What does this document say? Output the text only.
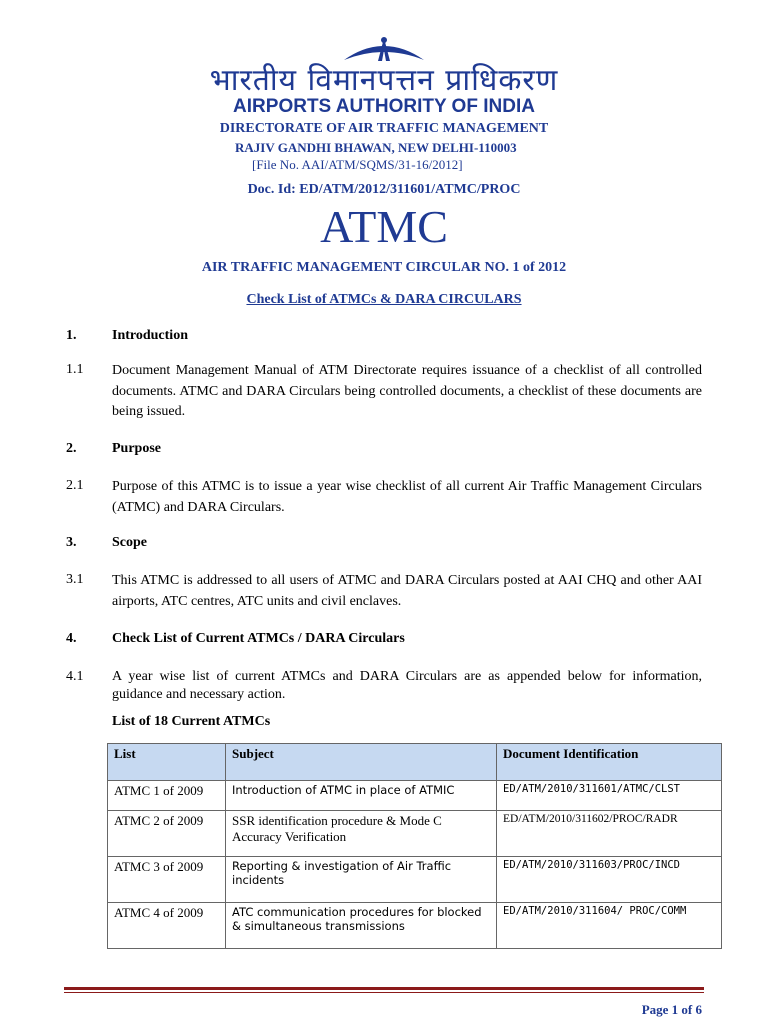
भारतीय विमानपत्तन प्राधिकरण
AIRPORTS AUTHORITY OF INDIA
DIRECTORATE OF AIR TRAFFIC MANAGEMENT
RAJIV GANDHI BHAWAN, NEW DELHI-110003
[File No. AAI/ATM/SQMS/31-16/2012]
Doc. Id: ED/ATM/2012/311601/ATMC/PROC
ATMC
AIR TRAFFIC MANAGEMENT CIRCULAR NO. 1 of 2012
Check List of ATMCs & DARA CIRCULARS
1.	Introduction
1.1 Document Management Manual of ATM Directorate requires issuance of a checklist of all controlled documents. ATMC and DARA Circulars being controlled documents, a checklist of these documents are being issued.
2.	Purpose
2.1 Purpose of this ATMC is to issue a year wise checklist of all current Air Traffic Management Circulars (ATMC) and DARA Circulars.
3.	Scope
3.1 This ATMC is addressed to all users of ATMC and DARA Circulars posted at AAI CHQ and other AAI airports, ATC centres, ATC units and civil enclaves.
4.	Check List of Current ATMCs / DARA Circulars
4.1 A year wise list of current ATMCs and DARA Circulars are as appended below for information, guidance and necessary action.
List of 18 Current ATMCs
List	Subject	Document Identification
ATMC 1 of 2009	Introduction of ATMC in place of ATMIC	ED/ATM/2010/311601/ATMC/CLST
ATMC 2 of 2009	SSR identification procedure & Mode C Accuracy Verification	ED/ATM/2010/311602/PROC/RADR
ATMC 3 of 2009	Reporting & investigation of Air Traffic incidents	ED/ATM/2010/311603/PROC/INCD
ATMC 4 of 2009	ATC communication procedures for blocked & simultaneous transmissions	ED/ATM/2010/311604/ PROC/COMM
Page 1 of 6
